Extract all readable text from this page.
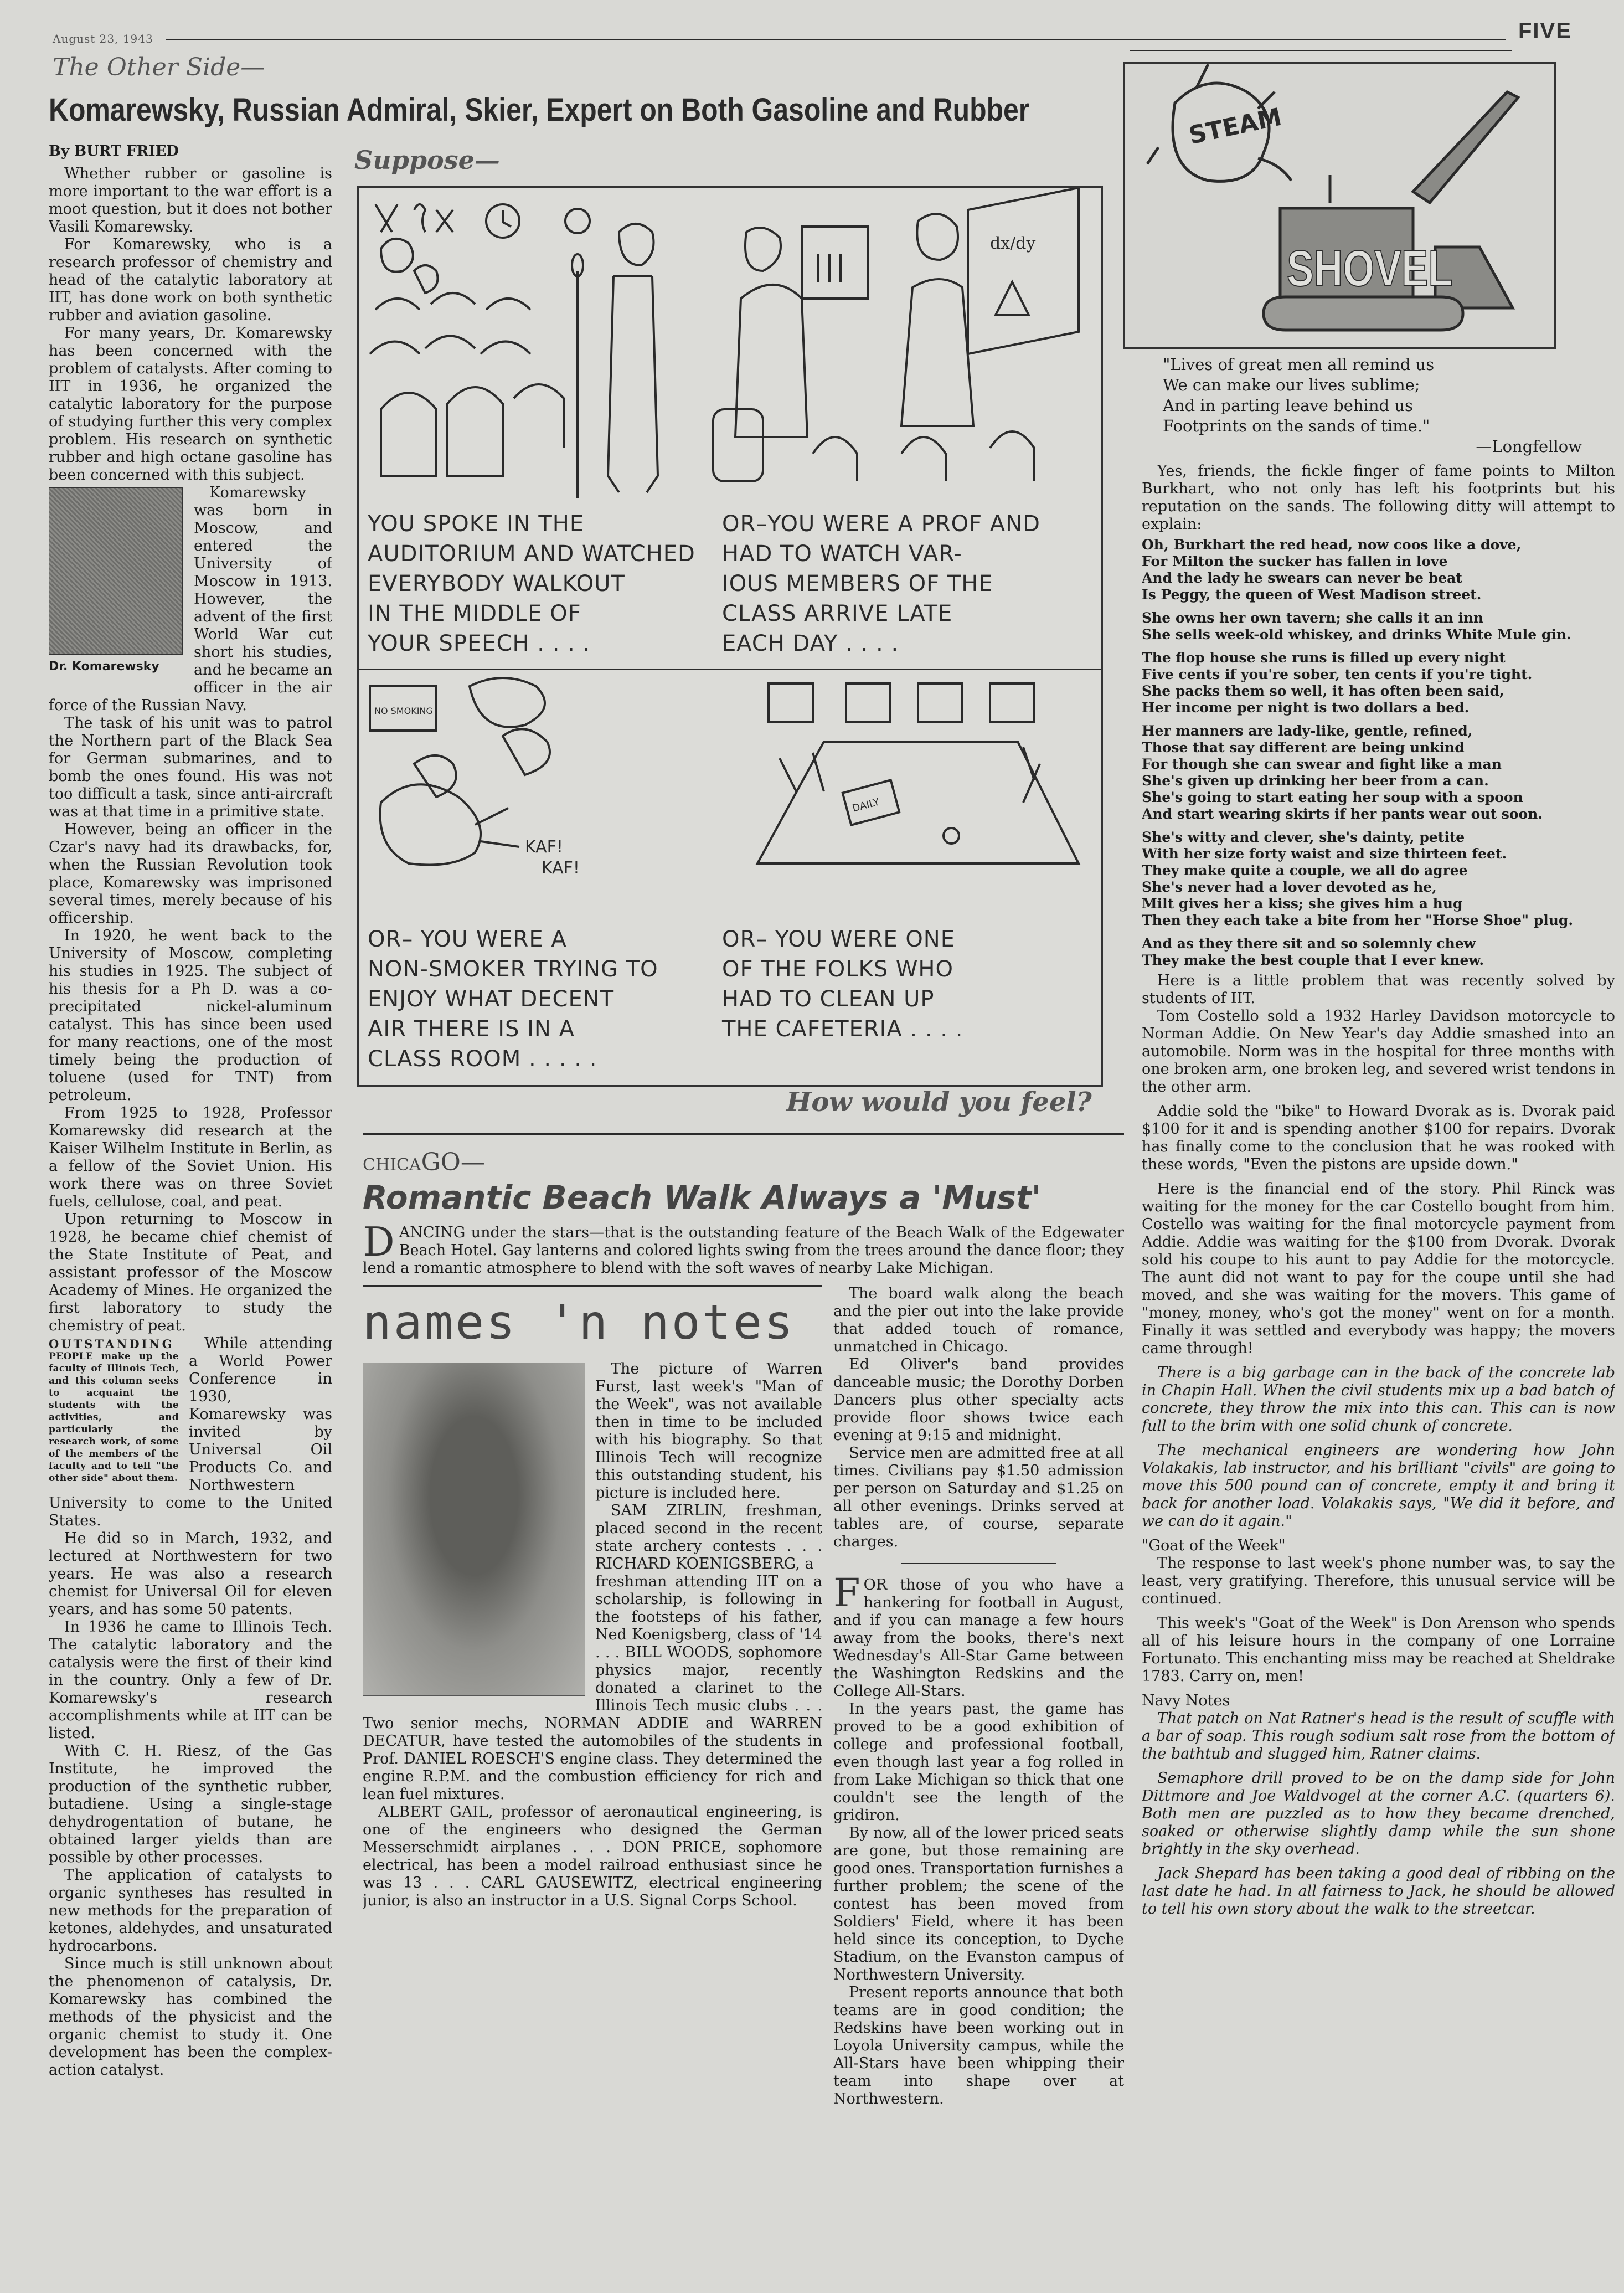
August 23, 1943	FIVE
The Other Side—
Komarewsky, Russian Admiral, Skier, Expert on Both Gasoline and Rubber
By BURT FRIED

Whether rubber or gasoline is more important to the war effort is a moot question, but it does not bother Vasili Komarewsky.

For Komarewsky, who is a research professor of chemistry and head of the catalytic laboratory at IIT, has done work on both synthetic rubber and aviation gasoline.

For many years, Dr. Komarewsky has been concerned with the problem of catalysts. After coming to IIT in 1936, he organized the catalytic laboratory for the purpose of studying further this very complex problem. His research on synthetic rubber and high octane gasoline has been concerned with this subject.

Dr. Komarewsky

Komarewsky was born in Moscow, and entered the University of Moscow in 1913. However, the advent of the first World War cut short his studies, and he became an officer in the air force of the Russian Navy.

The task of his unit was to patrol the Northern part of the Black Sea for German submarines, and to bomb the ones found. His was not too difficult a task, since anti-aircraft was at that time in a primitive state.

However, being an officer in the Czar's navy had its drawbacks, for, when the Russian Revolution took place, Komarewsky was imprisoned several times, merely because of his officership.

In 1920, he went back to the University of Moscow, completing his studies in 1925. The subject of his thesis for a Ph D. was a co-precipitated nickel-aluminum catalyst. This has since been used for many reactions, one of the most timely being the production of toluene (used for TNT) from petroleum.

From 1925 to 1928, Professor Komarewsky did research at the Kaiser Wilhelm Institute in Berlin, as a fellow of the Soviet Union. His work there was on three Soviet fuels, cellulose, coal, and peat.

Upon returning to Moscow in 1928, he became chief chemist of the State Institute of Peat, and assistant professor of the Moscow Academy of Mines. He organized the first laboratory to study the chemistry of peat.

OUTSTANDING
PEOPLE make up the faculty of Illinois Tech, and this column seeks to acquaint the students with the activities, and particularly the research work, of some of the members of the faculty and to tell "the other side" about them.

While attending a World Power Conference in 1930, Komarewsky was invited by Universal Oil Products Co. and Northwestern University to come to the United States.

He did so in March, 1932, and lectured at Northwestern for two years. He was also a research chemist for Universal Oil for eleven years, and has some 50 patents.

In 1936 he came to Illinois Tech. The catalytic laboratory and the catalysis were the first of their kind in the country. Only a few of Dr. Komarewsky's research accomplishments while at IIT can be listed.

With C. H. Riesz, of the Gas Institute, he improved the production of the synthetic rubber, butadiene. Using a single-stage dehydrogentation of butane, he obtained larger yields than are possible by other processes.

The application of catalysts to organic syntheses has resulted in new methods for the preparation of ketones, aldehydes, and unsaturated hydrocarbons.

Since much is still unknown about the phenomenon of catalysis, Dr. Komarewsky has combined the methods of the physicist and the organic chemist to study it. One development has been the complex-action catalyst.

Suppose—
dx/dy
NO SMOKING
DAILY
KAF!
KAF!
YOU SPOKE IN THE
AUDITORIUM AND WATCHED
EVERYBODY WALKOUT
IN THE MIDDLE OF
YOUR SPEECH . . . .
OR–YOU WERE A PROF AND
HAD TO WATCH VAR-
IOUS MEMBERS OF THE
CLASS ARRIVE LATE
EACH DAY . . . .
OR– YOU WERE A
NON-SMOKER TRYING TO
ENJOY WHAT DECENT
AIR THERE IS IN A
CLASS ROOM . . . . .
OR– YOU WERE ONE
OF THE FOLKS WHO
HAD TO CLEAN UP
THE CAFETERIA . . . .
How would you feel?
CHICAGO—
Romantic Beach Walk Always a 'Must'
D ANCING under the stars—that is the outstanding feature of the Beach Walk of the Edgewater Beach Hotel. Gay lanterns and colored lights swing from the trees around the dance floor; they lend a romantic atmosphere to blend with the soft waves of nearby Lake Michigan.
names 'n notes

The picture of Warren Furst, last week's "Man of the Week", was not available then in time to be included with his biography. So that Illinois Tech will recognize this outstanding student, his picture is included here.

SAM ZIRLIN, freshman, placed second in the recent state archery contests . . . RICHARD KOENIGSBERG, a

freshman attending IIT on a scholarship, is following in the footsteps of his father, Ned Koenigsberg, class of '14 . . . BILL WOODS, sophomore physics major, recently donated a clarinet to the Illinois Tech music clubs . . . Two senior mechs, NORMAN ADDIE and WARREN DECATUR, have tested the automobiles of the students in Prof. DANIEL ROESCH'S engine class. They determined the engine R.P.M. and the combustion efficiency for rich and lean fuel mixtures.

ALBERT GAIL, professor of aeronautical engineering, is one of the engineers who designed the German Messerschmidt airplanes . . . DON PRICE, sophomore electrical, has been a model railroad enthusiast since he was 13 . . . CARL GAUSEWITZ, electrical engineering junior, is also an instructor in a U.S. Signal Corps School.

The board walk along the beach and the pier out into the lake provide that added touch of romance, unmatched in Chicago.

Ed Oliver's band provides danceable music; the Dorothy Dorben Dancers plus other specialty acts provide floor shows twice each evening at 9:15 and midnight.

Service men are admitted free at all times. Civilians pay $1.50 admission per person on Saturday and $1.25 on all other evenings. Drinks served at tables are, of course, separate charges.

FOR those of you who have a hankering for football in August, and if you can manage a few hours away from the books, there's next Wednesday's All-Star Game between the Washington Redskins and the College All-Stars.

In the years past, the game has proved to be a good exhibition of college and professional football, even though last year a fog rolled in from Lake Michigan so thick that one couldn't see the length of the gridiron.

By now, all of the lower priced seats are gone, but those remaining are good ones. Transportation furnishes a further problem; the scene of the contest has been moved from Soldiers' Field, where it has been held since its conception, to Dyche Stadium, on the Evanston campus of Northwestern University.

Present reports announce that both teams are in good condition; the Redskins have been working out in Loyola University campus, while the All-Stars have been whipping their team into shape over at Northwestern.

STEAM
SHOVEL
"Lives of great men all remind us
We can make our lives sublime;
And in parting leave behind us
Footprints on the sands of time."
—Longfellow

Yes, friends, the fickle finger of fame points to Milton Burkhart, who not only has left his footprints but his reputation on the sands. The following ditty will attempt to explain:

Oh, Burkhart the red head, now coos like a dove,
For Milton the sucker has fallen in love
And the lady he swears can never be beat
Is Peggy, the queen of West Madison street.
She owns her own tavern; she calls it an inn
She sells week-old whiskey, and drinks White Mule gin.
The flop house she runs is filled up every night
Five cents if you're sober, ten cents if you're tight.
She packs them so well, it has often been said,
Her income per night is two dollars a bed.
Her manners are lady-like, gentle, refined,
Those that say different are being unkind
For though she can swear and fight like a man
She's given up drinking her beer from a can.
She's going to start eating her soup with a spoon
And start wearing skirts if her pants wear out soon.
She's witty and clever, she's dainty, petite
With her size forty waist and size thirteen feet.
They make quite a couple, we all do agree
She's never had a lover devoted as he,
Milt gives her a kiss; she gives him a hug
Then they each take a bite from her "Horse Shoe" plug.
And as they there sit and so solemnly chew
They make the best couple that I ever knew.

Here is a little problem that was recently solved by students of IIT.

Tom Costello sold a 1932 Harley Davidson motorcycle to Norman Addie. On New Year's day Addie smashed into an automobile. Norm was in the hospital for three months with one broken arm, one broken leg, and severed wrist tendons in the other arm.

Addie sold the "bike" to Howard Dvorak as is. Dvorak paid $100 for it and is spending another $100 for repairs. Dvorak has finally come to the conclusion that he was rooked with these words, "Even the pistons are upside down."

Here is the financial end of the story. Phil Rinck was waiting for the money for the car Costello bought from him. Costello was waiting for the final motorcycle payment from Addie. Addie was waiting for the $100 from Dvorak. Dvorak sold his coupe to his aunt to pay Addie for the motorcycle. The aunt did not want to pay for the coupe until she had moved, and she was waiting for the movers. This game of "money, money, who's got the money" went on for a month. Finally it was settled and everybody was happy; the movers came through!

There is a big garbage can in the back of the concrete lab in Chapin Hall. When the civil students mix up a bad batch of concrete, they throw the mix into this can. This can is now full to the brim with one solid chunk of concrete.

The mechanical engineers are wondering how John Volakakis, lab instructor, and his brilliant "civils" are going to move this 500 pound can of concrete, empty it and bring it back for another load. Volakakis says, "We did it before, and we can do it again."

"Goat of the Week"

The response to last week's phone number was, to say the least, very gratifying. Therefore, this unusual service will be continued.

This week's "Goat of the Week" is Don Arenson who spends all of his leisure hours in the company of one Lorraine Fortunato. This enchanting miss may be reached at Sheldrake 1783. Carry on, men!

Navy Notes

That patch on Nat Ratner's head is the result of scuffle with a bar of soap. This rough sodium salt rose from the bottom of the bathtub and slugged him, Ratner claims.

Semaphore drill proved to be on the damp side for John Dittmore and Joe Waldvogel at the corner A.C. (quarters 6). Both men are puzzled as to how they became drenched, soaked or otherwise slightly damp while the sun shone brightly in the sky overhead.

Jack Shepard has been taking a good deal of ribbing on the last date he had. In all fairness to Jack, he should be allowed to tell his own story about the walk to the streetcar.
